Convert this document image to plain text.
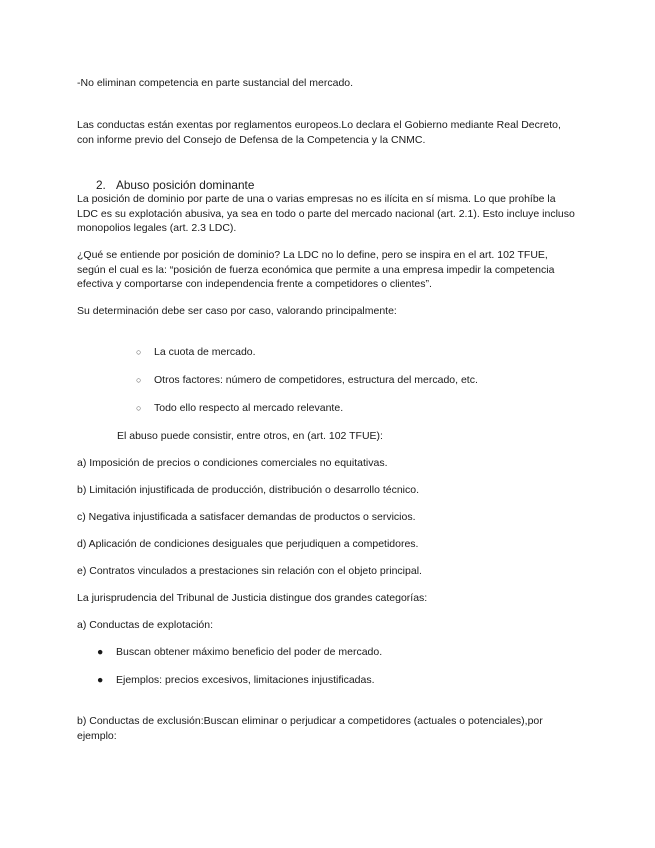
-No eliminan competencia en parte sustancial del mercado.
Las conductas están exentas por reglamentos europeos.Lo declara el Gobierno mediante Real Decreto, con informe previo del Consejo de Defensa de la Competencia y la CNMC.
2. Abuso posición dominante
La posición de dominio por parte de una o varias empresas no es ilícita en sí misma. Lo que prohíbe la LDC es su explotación abusiva, ya sea en todo o parte del mercado nacional (art. 2.1). Esto incluye incluso monopolios legales (art. 2.3 LDC).
¿Qué se entiende por posición de dominio? La LDC no lo define, pero se inspira en el art. 102 TFUE, según el cual es la: “posición de fuerza económica que permite a una empresa impedir la competencia efectiva y comportarse con independencia frente a competidores o clientes”.
Su determinación debe ser caso por caso, valorando principalmente:
○ La cuota de mercado.
○ Otros factores: número de competidores, estructura del mercado, etc.
○ Todo ello respecto al mercado relevante.
El abuso puede consistir, entre otros, en (art. 102 TFUE):
a) Imposición de precios o condiciones comerciales no equitativas.
b) Limitación injustificada de producción, distribución o desarrollo técnico.
c) Negativa injustificada a satisfacer demandas de productos o servicios.
d) Aplicación de condiciones desiguales que perjudiquen a competidores.
e) Contratos vinculados a prestaciones sin relación con el objeto principal.
La jurisprudencia del Tribunal de Justicia distingue dos grandes categorías:
a) Conductas de explotación:
● Buscan obtener máximo beneficio del poder de mercado.
● Ejemplos: precios excesivos, limitaciones injustificadas.
b) Conductas de exclusión:Buscan eliminar o perjudicar a competidores (actuales o potenciales),por ejemplo:
